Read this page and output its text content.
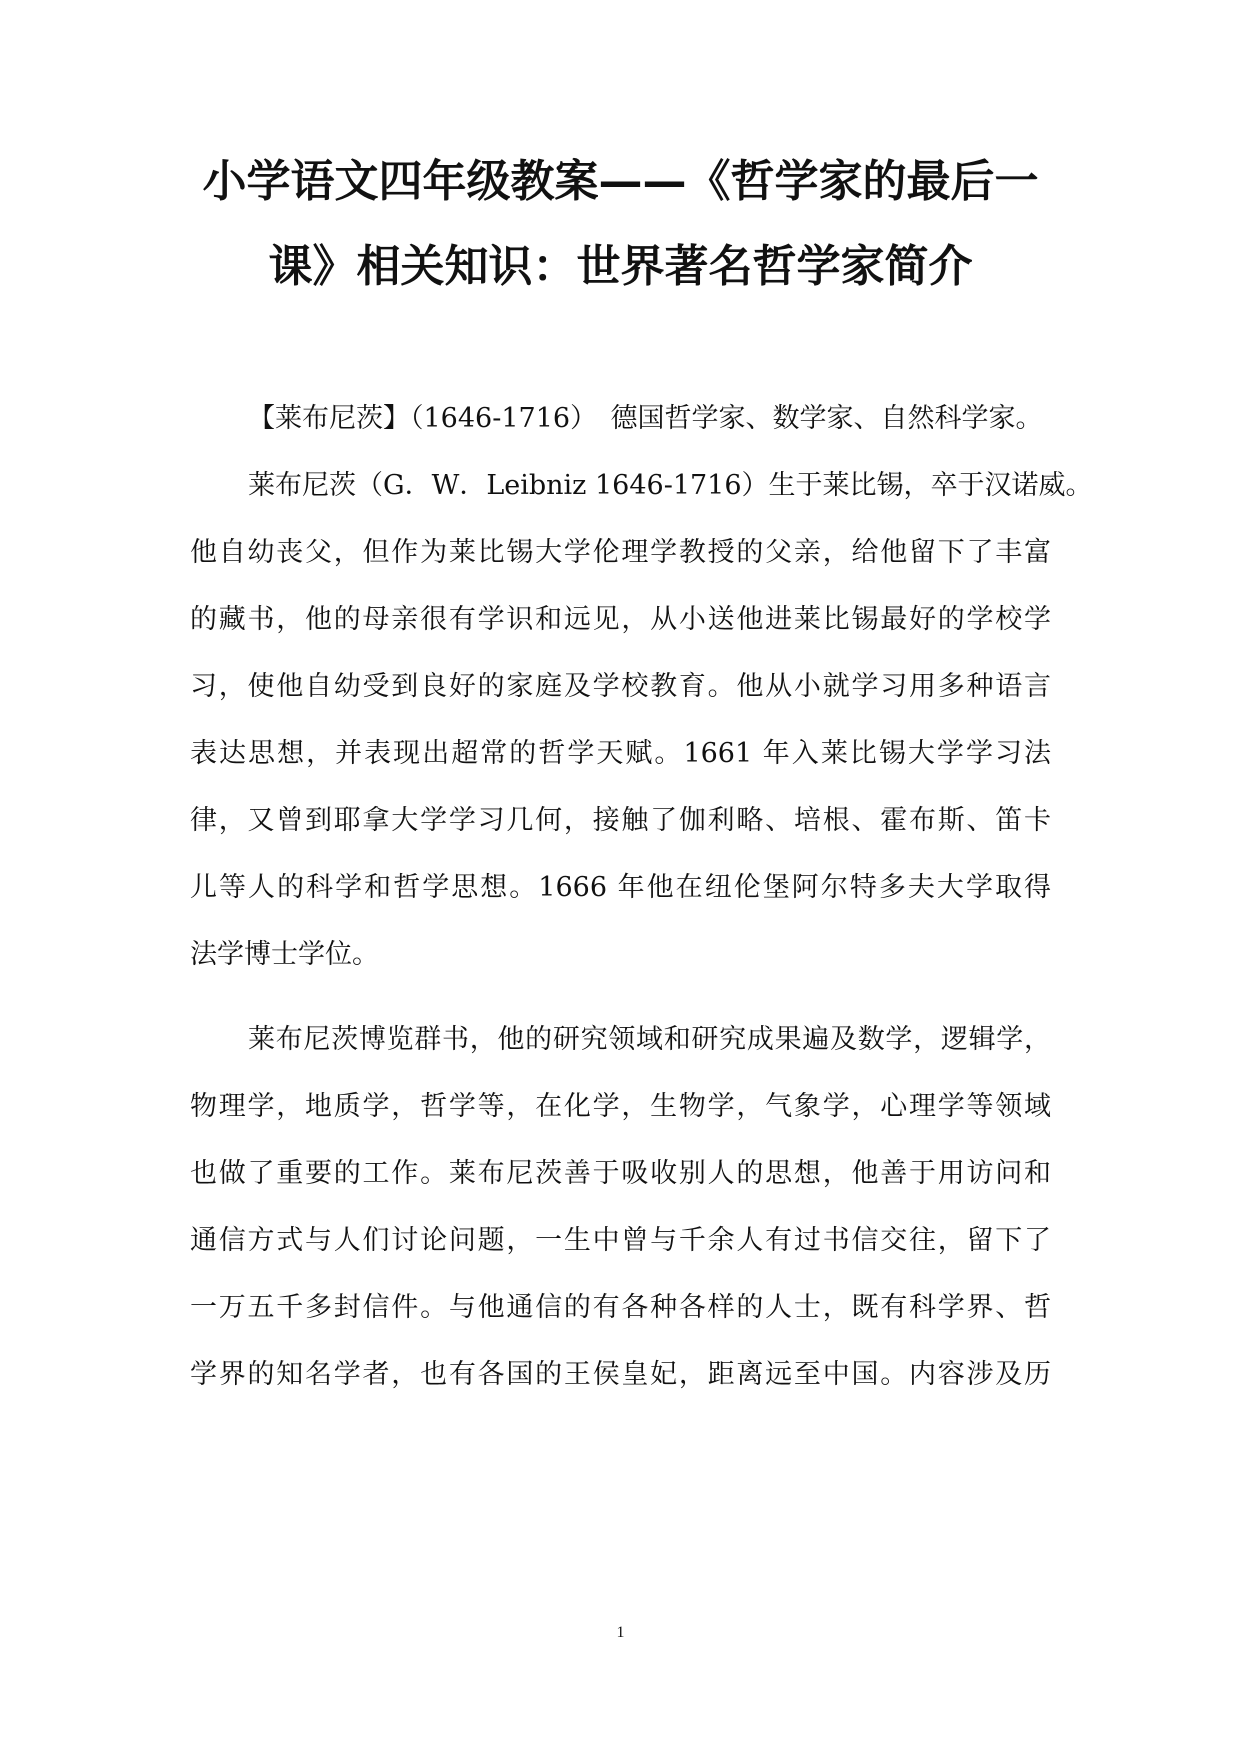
小学语文四年级教案——《哲学家的最后一
课》相关知识：世界著名哲学家简介
【莱布尼茨】（1646-1716）　德国哲学家、数学家、自然科学家。
莱布尼茨（G．W．Leibniz 1646-1716）生于莱比锡，卒于汉诺威。
他自幼丧父，但作为莱比锡大学伦理学教授的父亲，给他留下了丰富
的藏书，他的母亲很有学识和远见，从小送他进莱比锡最好的学校学
习，使他自幼受到良好的家庭及学校教育。他从小就学习用多种语言
表达思想，并表现出超常的哲学天赋。1661 年入莱比锡大学学习法
律，又曾到耶拿大学学习几何，接触了伽利略、培根、霍布斯、笛卡
儿等人的科学和哲学思想。1666 年他在纽伦堡阿尔特多夫大学取得
法学博士学位。
莱布尼茨博览群书，他的研究领域和研究成果遍及数学，逻辑学，
物理学，地质学，哲学等，在化学，生物学，气象学，心理学等领域
也做了重要的工作。莱布尼茨善于吸收别人的思想，他善于用访问和
通信方式与人们讨论问题，一生中曾与千余人有过书信交往，留下了
一万五千多封信件。与他通信的有各种各样的人士，既有科学界、哲
学界的知名学者，也有各国的王侯皇妃，距离远至中国。内容涉及历
1
